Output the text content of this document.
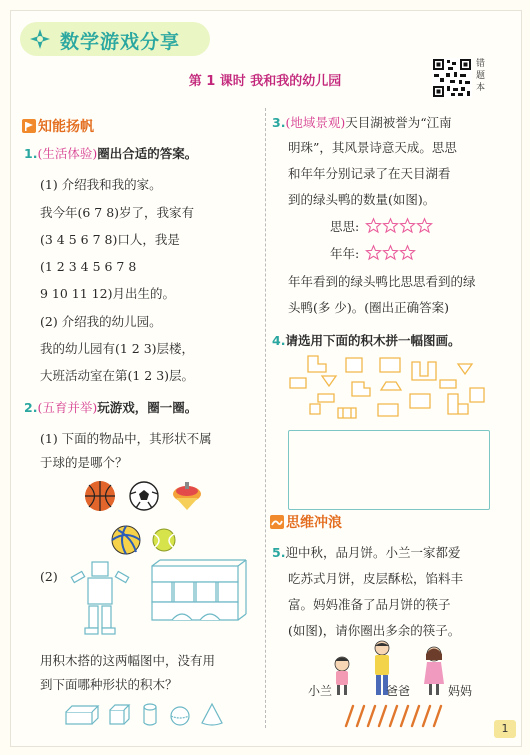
数学游戏分享
第 1 课时 我和我的幼儿园
错
题
本
知能扬帆
1.(生活体验)圈出合适的答案。
(1) 介绍我和我的家。
我今年(6 7 8)岁了，我家有
(3 4 5 6 7 8)口人，我是
(1 2 3 4 5 6 7 8
9 10 11 12)月出生的。
(2) 介绍我的幼儿园。
我的幼儿园有(1 2 3)层楼，
大班活动室在第(1 2 3)层。
2.(五育并举)玩游戏，圈一圈。
(1) 下面的物品中，其形状不属
于球的是哪个？
(2)
用积木搭的这两幅图中，没有用
到下面哪种形状的积木？
3.(地域景观)天目湖被誉为“江南
明珠”，其风景诗意天成。思思
和年年分别记录了在天目湖看
到的绿头鸭的数量(如图)。
思思:
年年:
年年看到的绿头鸭比思思看到的绿
头鸭(多 少)。(圈出正确答案)
4.请选用下面的积木拼一幅图画。
思维冲浪
5.迎中秋，品月饼。小兰一家都爱
吃苏式月饼，皮层酥松，馅料丰
富。妈妈准备了品月饼的筷子
(如图)，请你圈出多余的筷子。
小兰	爸爸	妈妈
1
